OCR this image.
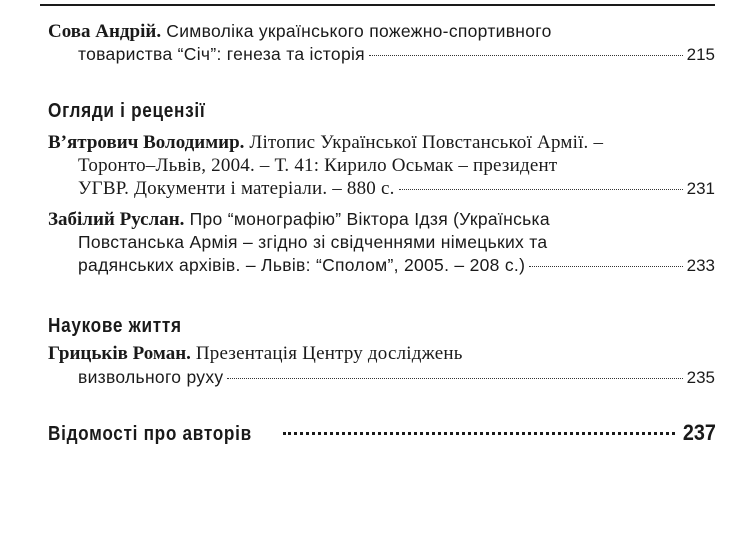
Сова Андрій. Символіка українського пожежно-спортивного
товариства “Січ”: генеза та історія	215
Огляди і рецензії
В’ятрович Володимир. Літопис Української Повстанської Армії. –
Торонто–Львів, 2004. – Т. 41: Кирило Осьмак – президент
УГВР. Документи і матеріали. – 880 с.	231
Забілий Руслан. Про “монографію” Віктора Ідзя (Українська
Повстанська Армія – згідно зі свідченнями німецьких та
радянських архівів. – Львів: “Сполом”, 2005. – 208 с.)	233
Наукове життя
Грицьків Роман. Презентація Центру досліджень
визвольного руху	235
Відомості про авторів	237
